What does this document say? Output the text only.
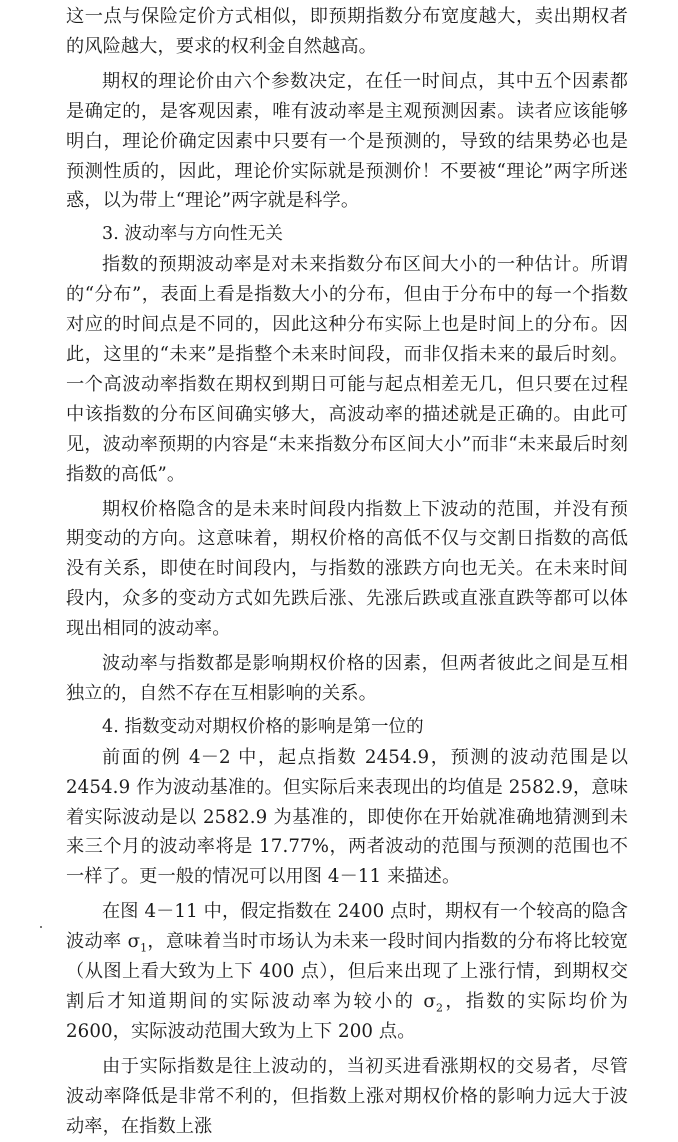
这一点与保险定价方式相似，即预期指数分布宽度越大，卖出期权者的风险越大，要求的权利金自然越高。

期权的理论价由六个参数决定，在任一时间点，其中五个因素都是确定的，是客观因素，唯有波动率是主观预测因素。读者应该能够明白，理论价确定因素中只要有一个是预测的，导致的结果势必也是预测性质的，因此，理论价实际就是预测价！不要被“理论”两字所迷惑，以为带上“理论”两字就是科学。

3. 波动率与方向性无关

指数的预期波动率是对未来指数分布区间大小的一种估计。所谓的“分布”，表面上看是指数大小的分布，但由于分布中的每一个指数对应的时间点是不同的，因此这种分布实际上也是时间上的分布。因此，这里的“未来”是指整个未来时间段，而非仅指未来的最后时刻。一个高波动率指数在期权到期日可能与起点相差无几，但只要在过程中该指数的分布区间确实够大，高波动率的描述就是正确的。由此可见，波动率预期的内容是“未来指数分布区间大小”而非“未来最后时刻指数的高低”。

期权价格隐含的是未来时间段内指数上下波动的范围，并没有预期变动的方向。这意味着，期权价格的高低不仅与交割日指数的高低没有关系，即使在时间段内，与指数的涨跌方向也无关。在未来时间段内，众多的变动方式如先跌后涨、先涨后跌或直涨直跌等都可以体现出相同的波动率。

波动率与指数都是影响期权价格的因素，但两者彼此之间是互相独立的，自然不存在互相影响的关系。

4. 指数变动对期权价格的影响是第一位的

前面的例 4－2 中，起点指数 2454.9，预测的波动范围是以 2454.9 作为波动基准的。但实际后来表现出的均值是 2582.9，意味着实际波动是以 2582.9 为基准的，即使你在开始就准确地猜测到未来三个月的波动率将是 17.77%，两者波动的范围与预测的范围也不一样了。更一般的情况可以用图 4－11 来描述。

在图 4－11 中，假定指数在 2400 点时，期权有一个较高的隐含波动率 $\sigma_1$，意味着当时市场认为未来一段时间内指数的分布将比较宽（从图上看大致为上下 400 点），但后来出现了上涨行情，到期权交割后才知道期间的实际波动率为较小的 $\sigma_2$，指数的实际均价为 2600，实际波动范围大致为上下 200 点。

由于实际指数是往上波动的，当初买进看涨期权的交易者，尽管波动率降低是非常不利的，但指数上涨对期权价格的影响力远大于波动率，在指数上涨
